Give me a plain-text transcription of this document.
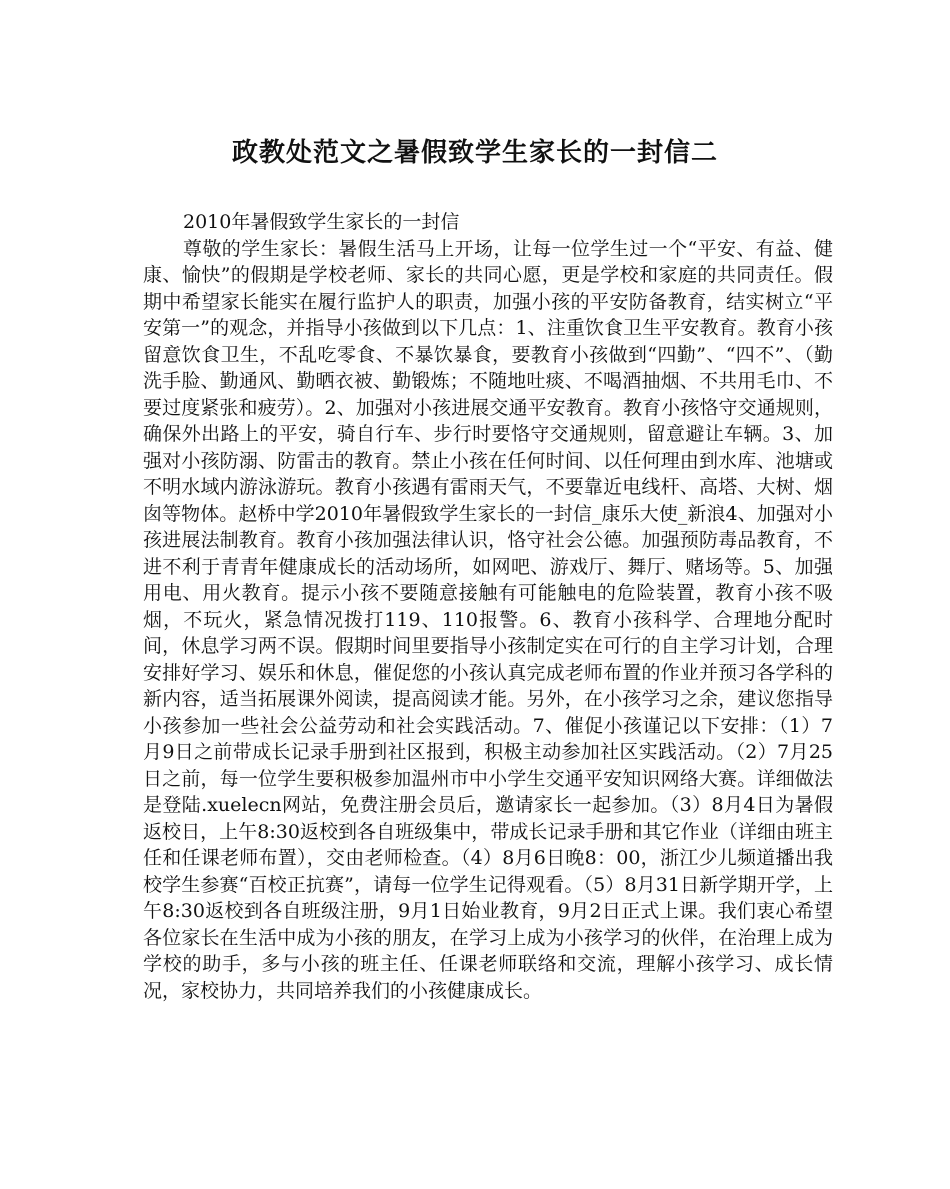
政教处范文之暑假致学生家长的一封信二

2010年暑假致学生家长的一封信

尊敬的学生家长：暑假生活马上开场，让每一位学生过一个“平安、有益、健康、愉快”的假期是学校老师、家长的共同心愿，更是学校和家庭的共同责任。假期中希望家长能实在履行监护人的职责，加强小孩的平安防备教育，结实树立“平安第一”的观念，并指导小孩做到以下几点：1、注重饮食卫生平安教育。教育小孩留意饮食卫生，不乱吃零食、不暴饮暴食，要教育小孩做到“四勤”、“四不”、（勤洗手脸、勤通风、勤晒衣被、勤锻炼；不随地吐痰、不喝酒抽烟、不共用毛巾、不要过度紧张和疲劳）。2、加强对小孩进展交通平安教育。教育小孩恪守交通规则，确保外出路上的平安，骑自行车、步行时要恪守交通规则，留意避让车辆。3、加强对小孩防溺、防雷击的教育。禁止小孩在任何时间、以任何理由到水库、池塘或不明水域内游泳游玩。教育小孩遇有雷雨天气，不要靠近电线杆、高塔、大树、烟囱等物体。赵桥中学2010年暑假致学生家长的一封信_康乐大使_新浪4、加强对小孩进展法制教育。教育小孩加强法律认识，恪守社会公德。加强预防毒品教育，不进不利于青青年健康成长的活动场所，如网吧、游戏厅、舞厅、赌场等。5、加强用电、用火教育。提示小孩不要随意接触有可能触电的危险装置，教育小孩不吸烟，不玩火，紧急情况拨打119、110报警。6、教育小孩科学、合理地分配时间，休息学习两不误。假期时间里要指导小孩制定实在可行的自主学习计划，合理安排好学习、娱乐和休息，催促您的小孩认真完成老师布置的作业并预习各学科的新内容，适当拓展课外阅读，提高阅读才能。另外，在小孩学习之余，建议您指导小孩参加一些社会公益劳动和社会实践活动。7、催促小孩谨记以下安排：（1）7月9日之前带成长记录手册到社区报到，积极主动参加社区实践活动。（2）7月25日之前，每一位学生要积极参加温州市中小学生交通平安知识网络大赛。详细做法是登陆.xuelecn网站，免费注册会员后，邀请家长一起参加。（3）8月4日为暑假返校日，上午8:30返校到各自班级集中，带成长记录手册和其它作业（详细由班主任和任课老师布置），交由老师检查。（4）8月6日晚8：00，浙江少儿频道播出我校学生参赛“百校正抗赛”，请每一位学生记得观看。（5）8月31日新学期开学，上午8:30返校到各自班级注册，9月1日始业教育，9月2日正式上课。我们衷心希望各位家长在生活中成为小孩的朋友，在学习上成为小孩学习的伙伴，在治理上成为学校的助手，多与小孩的班主任、任课老师联络和交流，理解小孩学习、成长情况，家校协力，共同培养我们的小孩健康成长。
